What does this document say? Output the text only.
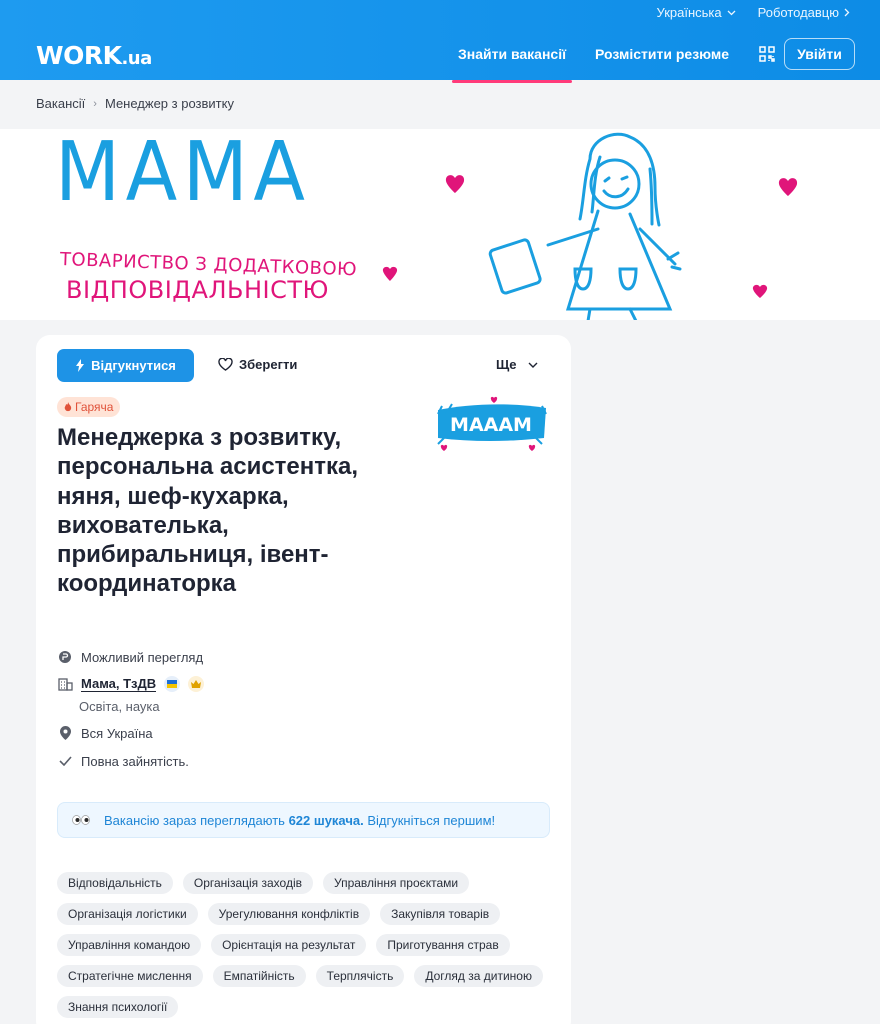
Українська	Роботодавцю
WORK.ua	Знайти вакансії Розмістити резюме	Увійти
Вакансії › Менеджер з розвитку
МАМА
ТОВАРИСТВО З ДОДАТКОВОЮ
ВІДПОВІДАЛЬНІСТЮ
Відгукнутися	Зберегти	Ще
Гаряча
МАААМ
Менеджерка з розвитку, персональна асистентка, няня, шеф-кухарка, вихователька, прибиральниця, івент-координаторка
Можливий перегляд
Мама, ТзДВ
Освіта, наука
Вся Україна
Повна зайнятість.
Вакансію зараз переглядають 622 шукача. Відгукніться першим!
Відповідальність	Організація заходів	Управління проєктами
Організація логістики	Урегулювання конфліктів	Закупівля товарів
Управління командою	Орієнтація на результат	Приготування страв
Стратегічне мислення	Емпатійність	Терплячість	Догляд за дитиною
Знання психології
